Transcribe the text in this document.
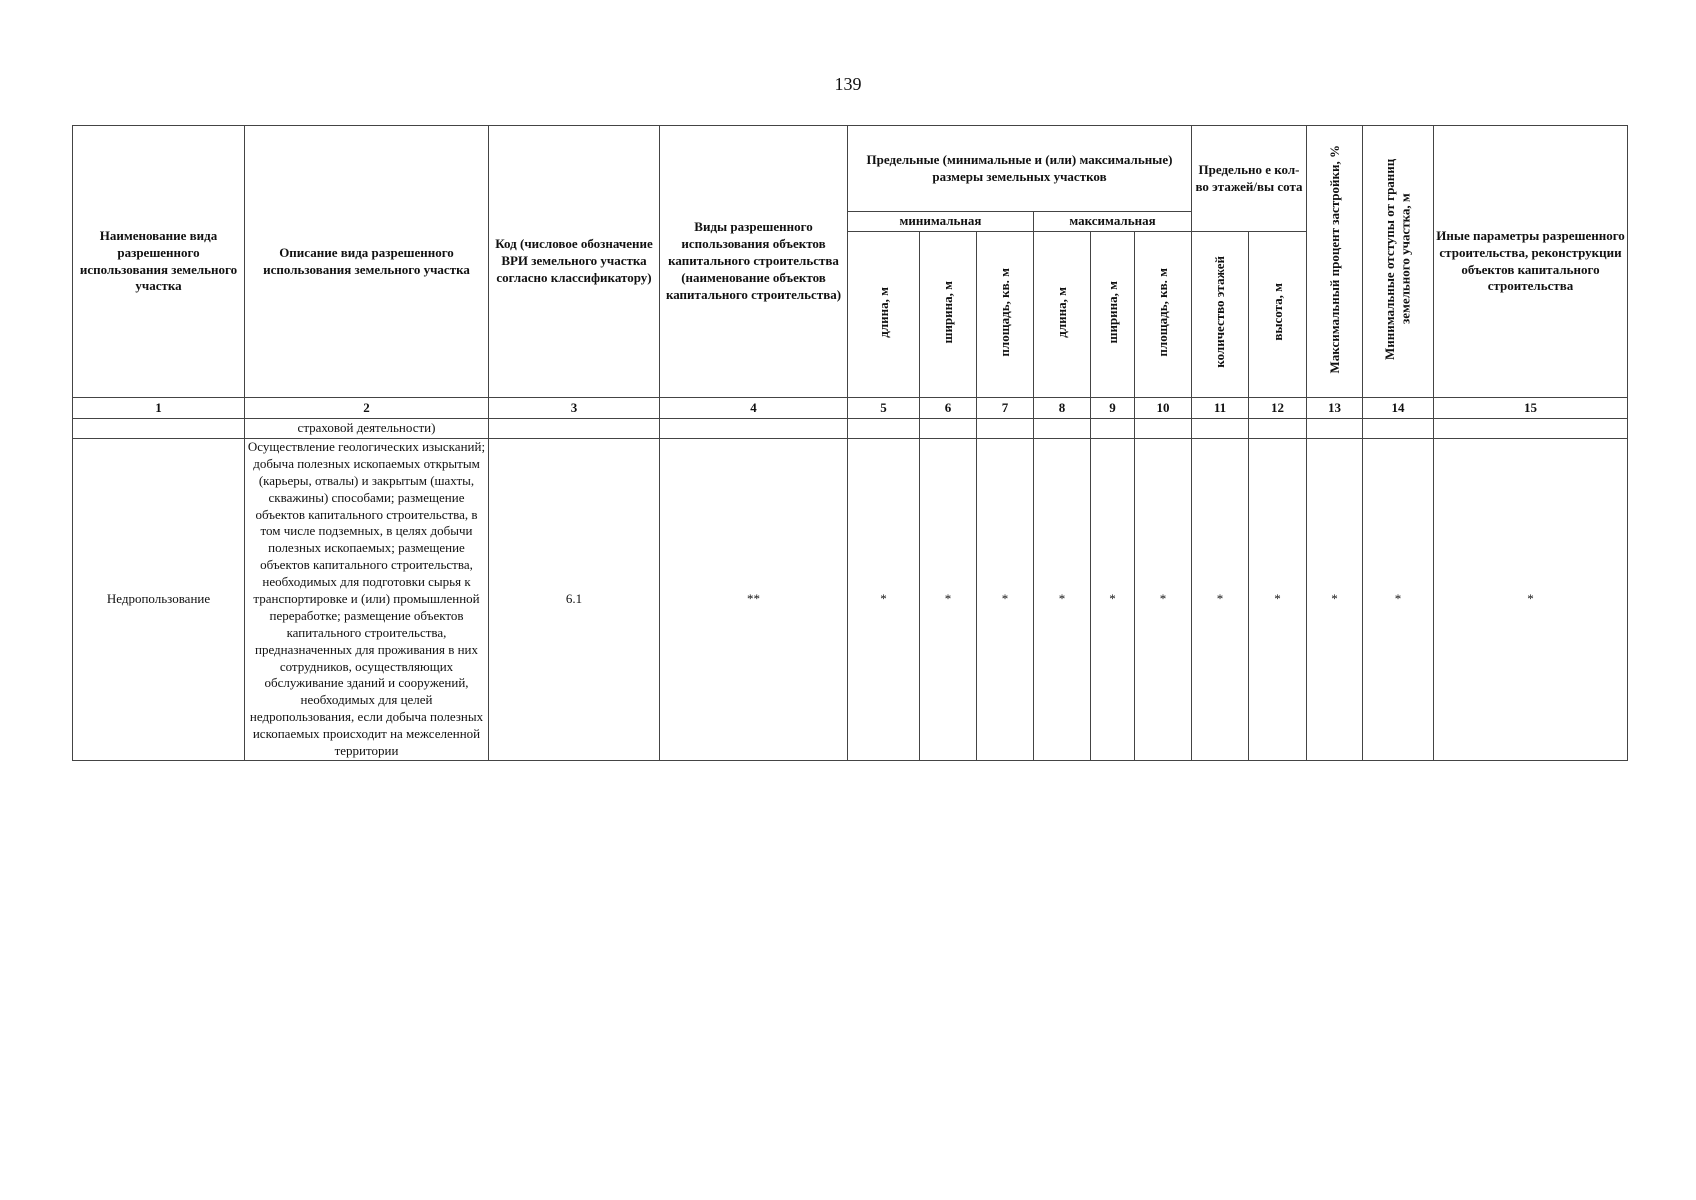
139
Наименование вида разрешенного использования земельного участка	Описание вида разрешенного использования земельного участка	Код (числовое обозначение ВРИ земельного участка согласно классификатору)	Виды разрешенного использования объектов капитального строительства (наименование объектов капитального строительства)	Предельные (минимальные и (или) максимальные) размеры земельных участков						Предельно е кол-во этажей/вы сота		Максимальный процент застройки, %	Минимальные отступы от границ земельного участка, м	Иные параметры разрешенного строительства, реконструкции объектов капитального строительства
				минимальная			максимальная							
				длина, м	ширина, м	площадь, кв. м	длина, м	ширина, м	площадь, кв. м	количество этажей	высота, м			
1	2	3	4	5	6	7	8	9	10	11	12	13	14	15
	страховой деятельности)													
Недропользование	Осуществление геологических изысканий; добыча полезных ископаемых открытым (карьеры, отвалы) и закрытым (шахты, скважины) способами; размещение объектов капитального строительства, в том числе подземных, в целях добычи полезных ископаемых; размещение объектов капитального строительства, необходимых для подготовки сырья к транспортировке и (или) промышленной переработке; размещение объектов капитального строительства, предназначенных для проживания в них сотрудников, осуществляющих обслуживание зданий и сооружений, необходимых для целей недропользования, если добыча полезных ископаемых происходит на межселенной территории	6.1	**	*	*	*	*	*	*	*	*	*	*	*
